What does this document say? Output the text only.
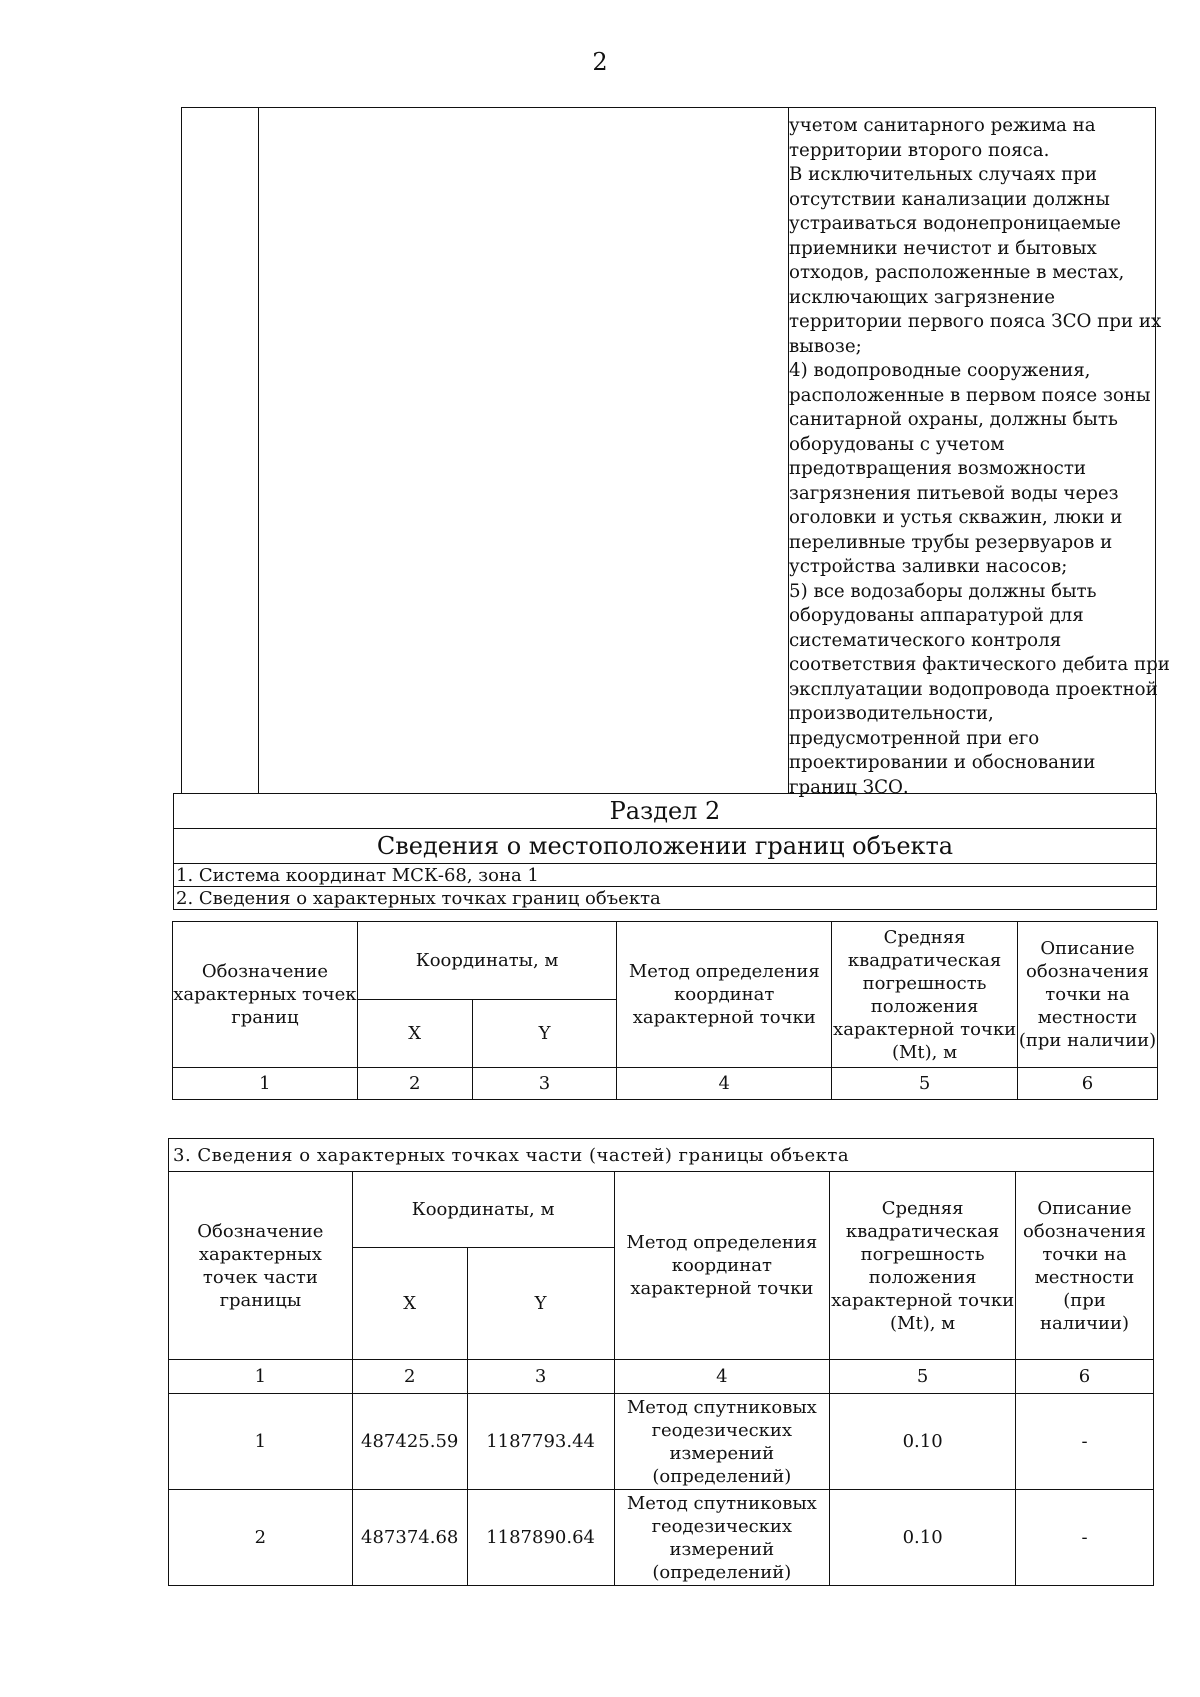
2
учетом санитарного режима на
территории второго пояса.
В исключительных случаях при
отсутствии канализации должны
устраиваться водонепроницаемые
приемники нечистот и бытовых
отходов, расположенные в местах,
исключающих загрязнение
территории первого пояса ЗСО при их
вывозе;
4) водопроводные сооружения,
расположенные в первом поясе зоны
санитарной охраны, должны быть
оборудованы с учетом
предотвращения возможности
загрязнения питьевой воды через
оголовки и устья скважин, люки и
переливные трубы резервуаров и
устройства заливки насосов;
5) все водозаборы должны быть
оборудованы аппаратурой для
систематического контроля
соответствия фактического дебита при
эксплуатации водопровода проектной
производительности,
предусмотренной при его
проектировании и обосновании
границ ЗСО.
Раздел 2
Сведения о местоположении границ объекта
1. Система координат МСК-68, зона 1
2. Сведения о характерных точках границ объекта
Обозначение характерных точек границ	Координаты, м		Метод определения координат характерной точки	Средняя квадратическая погрешность положения характерной точки (Mt), м	Описание обозначения точки на местности (при наличии)
	X	Y			
1	2	3	4	5	6
3. Сведения о характерных точках части (частей) границы объекта					
Обозначение характерных точек части границы	Координаты, м		Метод определения координат характерной точки	Средняя квадратическая погрешность положения характерной точки (Mt), м	Описание обозначения точки на местности (при наличии)
	X	Y			
1	2	3	4	5	6
1	487425.59	1187793.44	Метод спутниковых геодезических измерений (определений)	0.10	-
2	487374.68	1187890.64	Метод спутниковых геодезических измерений (определений)	0.10	-
